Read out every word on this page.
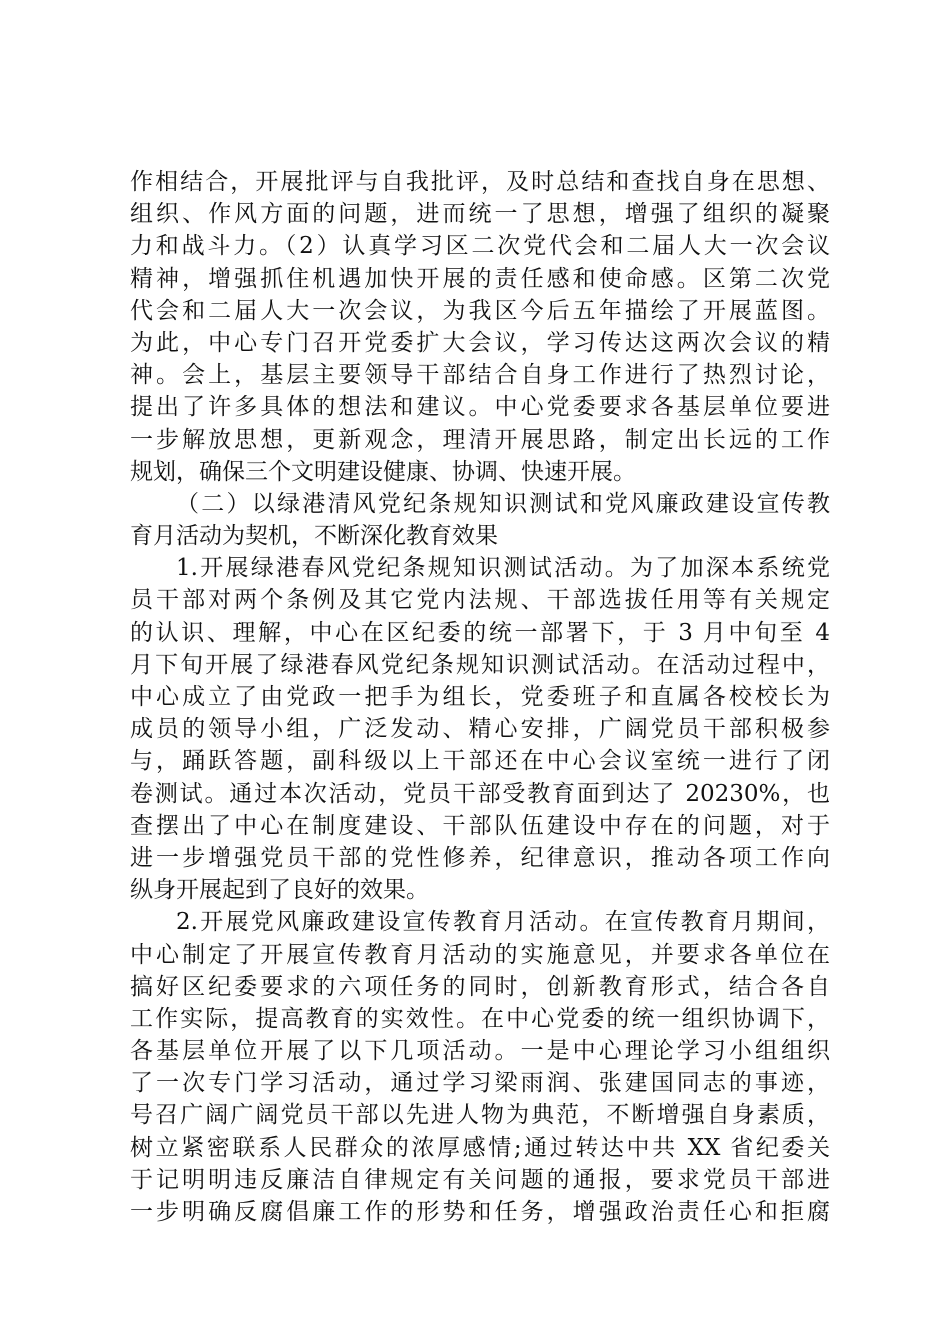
作相结合，开展批评与自我批评，及时总结和查找自身在思想、
组织、作风方面的问题，进而统一了思想，增强了组织的凝聚
力和战斗力。（2）认真学习区二次党代会和二届人大一次会议
精神，增强抓住机遇加快开展的责任感和使命感。区第二次党
代会和二届人大一次会议，为我区今后五年描绘了开展蓝图。
为此，中心专门召开党委扩大会议，学习传达这两次会议的精
神。会上，基层主要领导干部结合自身工作进行了热烈讨论，
提出了许多具体的想法和建议。中心党委要求各基层单位要进
一步解放思想，更新观念，理清开展思路，制定出长远的工作
规划，确保三个文明建设健康、协调、快速开展。
（二）以绿港清风党纪条规知识测试和党风廉政建设宣传教
育月活动为契机，不断深化教育效果
1.开展绿港春风党纪条规知识测试活动。为了加深本系统党
员干部对两个条例及其它党内法规、干部选拔任用等有关规定
的认识、理解，中心在区纪委的统一部署下，于 3 月中旬至 4
月下旬开展了绿港春风党纪条规知识测试活动。在活动过程中，
中心成立了由党政一把手为组长，党委班子和直属各校校长为
成员的领导小组，广泛发动、精心安排，广阔党员干部积极参
与，踊跃答题，副科级以上干部还在中心会议室统一进行了闭
卷测试。通过本次活动，党员干部受教育面到达了 20230%，也
查摆出了中心在制度建设、干部队伍建设中存在的问题，对于
进一步增强党员干部的党性修养，纪律意识，推动各项工作向
纵身开展起到了良好的效果。
2.开展党风廉政建设宣传教育月活动。在宣传教育月期间，
中心制定了开展宣传教育月活动的实施意见，并要求各单位在
搞好区纪委要求的六项任务的同时，创新教育形式，结合各自
工作实际，提高教育的实效性。在中心党委的统一组织协调下，
各基层单位开展了以下几项活动。一是中心理论学习小组组织
了一次专门学习活动，通过学习梁雨润、张建国同志的事迹，
号召广阔广阔党员干部以先进人物为典范，不断增强自身素质，
树立紧密联系人民群众的浓厚感情;通过转达中共 XX 省纪委关
于记明明违反廉洁自律规定有关问题的通报，要求党员干部进
一步明确反腐倡廉工作的形势和任务，增强政治责任心和拒腐
